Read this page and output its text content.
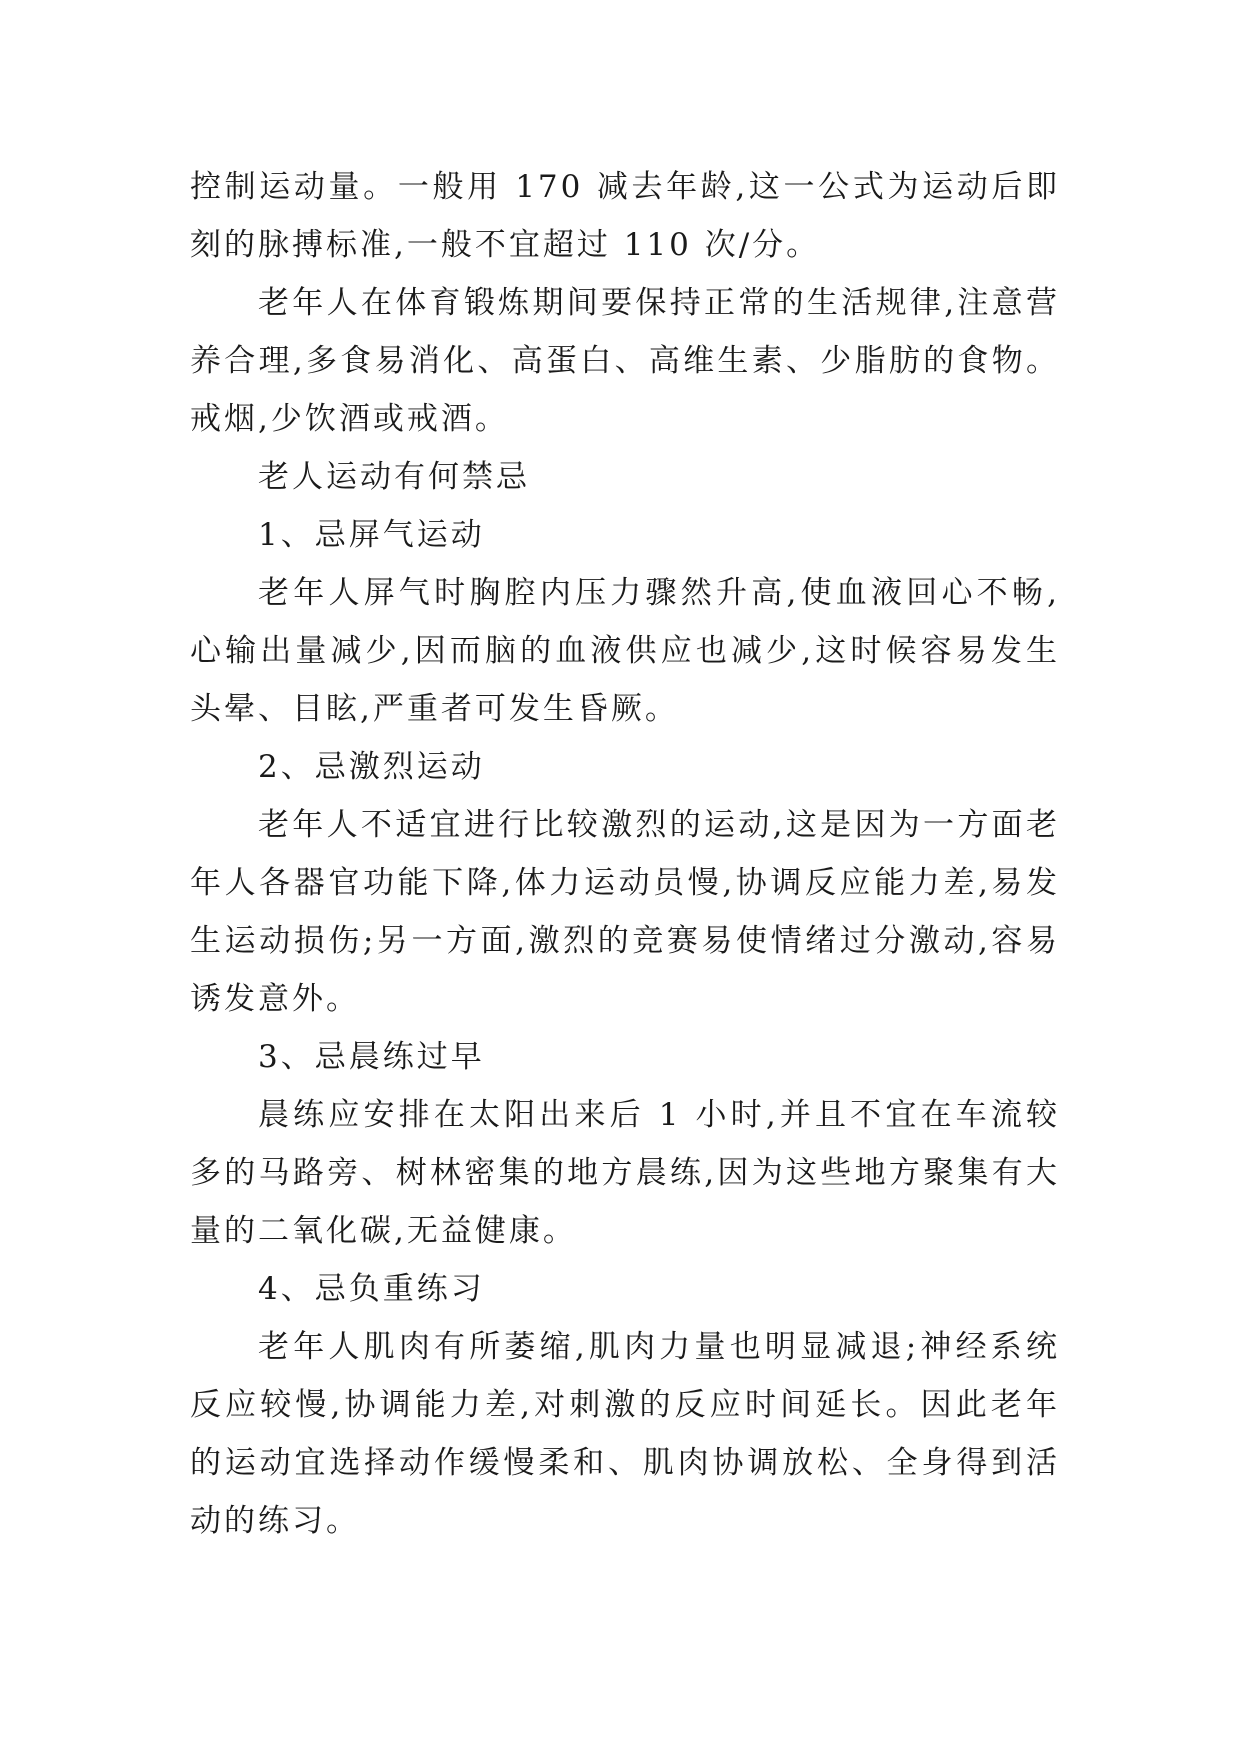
控制运动量。一般用 170 减去年龄,这一公式为运动后即刻的脉搏标准,一般不宜超过 110 次/分。

老年人在体育锻炼期间要保持正常的生活规律,注意营养合理,多食易消化、高蛋白、高维生素、少脂肪的食物。戒烟,少饮酒或戒酒。

老人运动有何禁忌

1、忌屏气运动

老年人屏气时胸腔内压力骤然升高,使血液回心不畅,心输出量减少,因而脑的血液供应也减少,这时候容易发生头晕、目眩,严重者可发生昏厥。

2、忌激烈运动

老年人不适宜进行比较激烈的运动,这是因为一方面老年人各器官功能下降,体力运动员慢,协调反应能力差,易发生运动损伤;另一方面,激烈的竞赛易使情绪过分激动,容易诱发意外。

3、忌晨练过早

晨练应安排在太阳出来后 1 小时,并且不宜在车流较多的马路旁、树林密集的地方晨练,因为这些地方聚集有大量的二氧化碳,无益健康。

4、忌负重练习

老年人肌肉有所萎缩,肌肉力量也明显减退;神经系统反应较慢,协调能力差,对刺激的反应时间延长。因此老年的运动宜选择动作缓慢柔和、肌肉协调放松、全身得到活动的练习。
